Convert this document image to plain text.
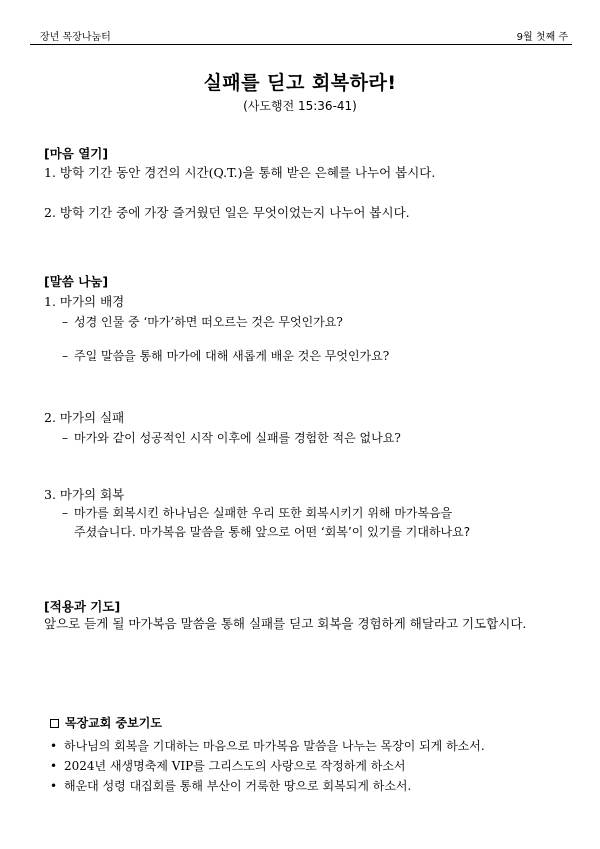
장년 목장나눔터	9월 첫째 주
실패를 딛고 회복하라!
(사도행전 15:36-41)
[마음 열기]
1. 방학 기간 동안 경건의 시간(Q.T.)을 통해 받은 은혜를 나누어 봅시다.
2. 방학 기간 중에 가장 즐거웠던 일은 무엇이었는지 나누어 봅시다.
[말씀 나눔]
1. 마가의 배경
– 성경 인물 중 ‘마가’하면 떠오르는 것은 무엇인가요?
– 주일 말씀을 통해 마가에 대해 새롭게 배운 것은 무엇인가요?
2. 마가의 실패
– 마가와 같이 성공적인 시작 이후에 실패를 경험한 적은 없나요?
3. 마가의 회복
– 마가를 회복시킨 하나님은 실패한 우리 또한 회복시키기 위해 마가복음을
주셨습니다. 마가복음 말씀을 통해 앞으로 어떤 ‘회복’이 있기를 기대하나요?
[적용과 기도]
앞으로 듣게 될 마가복음 말씀을 통해 실패를 딛고 회복을 경험하게 해달라고 기도합시다.
목장교회 중보기도
• 하나님의 회복을 기대하는 마음으로 마가복음 말씀을 나누는 목장이 되게 하소서.
• 2024년 새생명축제 VIP를 그리스도의 사랑으로 작정하게 하소서
• 해운대 성령 대집회를 통해 부산이 거룩한 땅으로 회복되게 하소서.
